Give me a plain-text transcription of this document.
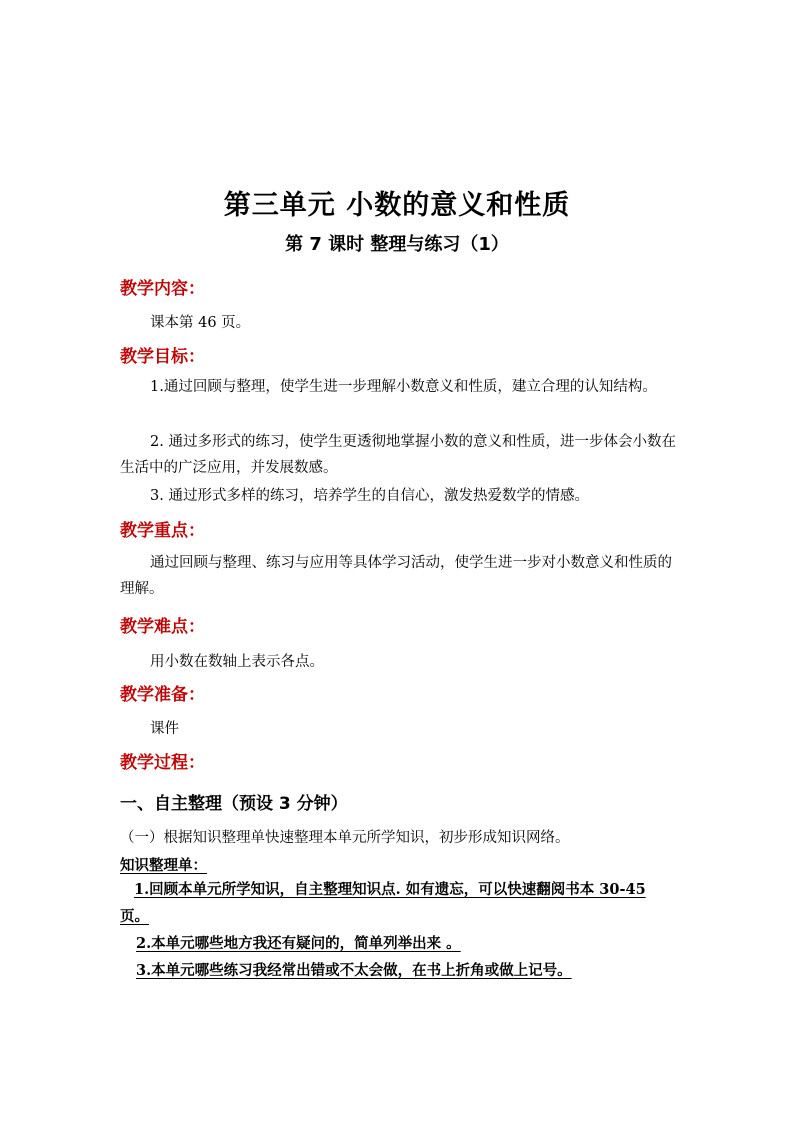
第三单元 小数的意义和性质
第 7 课时 整理与练习（1）
教学内容：
课本第 46 页。
教学目标：
1.通过回顾与整理，使学生进一步理解小数意义和性质，建立合理的认知结构。
2. 通过多形式的练习，使学生更透彻地掌握小数的意义和性质，进一步体会小数在生活中的广泛应用，并发展数感。
3. 通过形式多样的练习，培养学生的自信心，激发热爱数学的情感。
教学重点：
通过回顾与整理、练习与应用等具体学习活动，使学生进一步对小数意义和性质的理解。
教学难点：
用小数在数轴上表示各点。
教学准备：
课件
教学过程：
一、自主整理（预设 3 分钟）
（一）根据知识整理单快速整理本单元所学知识，初步形成知识网络。
知识整理单：
1.回顾本单元所学知识，自主整理知识点. 如有遗忘，可以快速翻阅书本 30-45 页。
2.本单元哪些地方我还有疑问的，简单列举出来 。
3.本单元哪些练习我经常出错或不太会做，在书上折角或做上记号。
